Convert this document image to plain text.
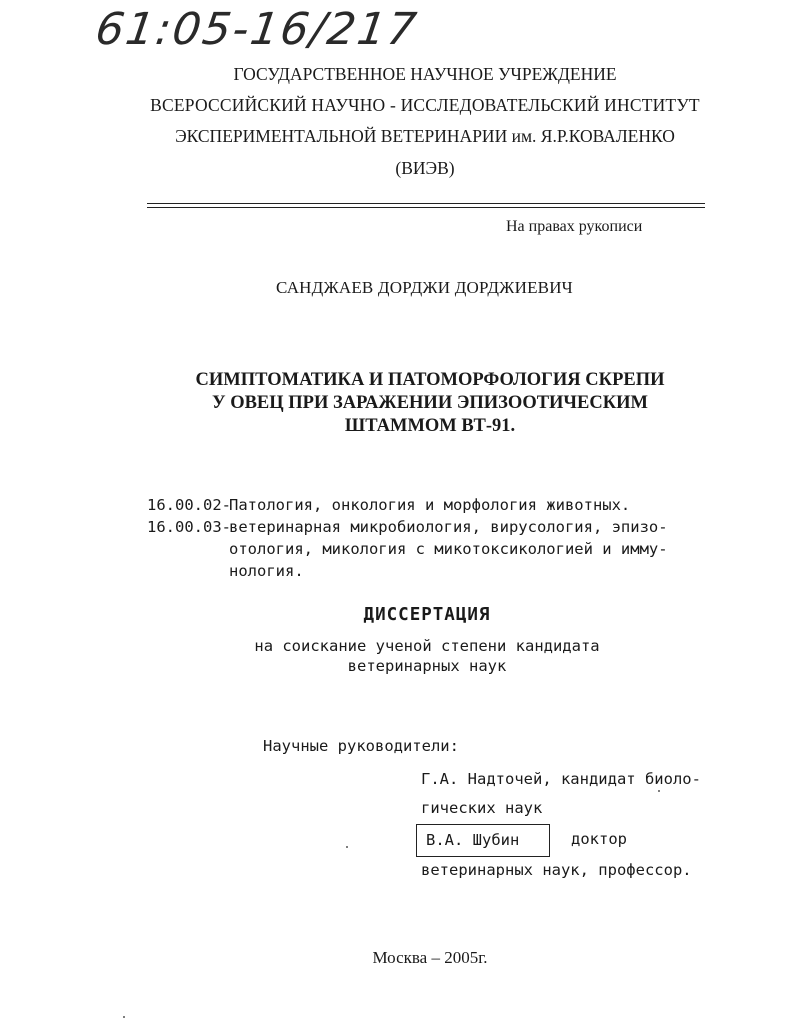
61:05-16/217
ГОСУДАРСТВЕННОЕ НАУЧНОЕ УЧРЕЖДЕНИЕ
ВСЕРОССИЙСКИЙ НАУЧНО - ИССЛЕДОВАТЕЛЬСКИЙ ИНСТИТУТ
ЭКСПЕРИМЕНТАЛЬНОЙ ВЕТЕРИНАРИИ им. Я.Р.КОВАЛЕНКО
(ВИЭВ)
На правах рукописи
САНДЖАЕВ ДОРДЖИ ДОРДЖИЕВИЧ
СИМПТОМАТИКА И ПАТОМОРФОЛОГИЯ СКРЕПИ
У ОВЕЦ ПРИ ЗАРАЖЕНИИ ЭПИЗООТИЧЕСКИМ
ШТАММОМ ВТ-91.
16.00.02-
Патология, онкология и морфология животных.
16.00.03-
ветеринарная микробиология, вирусология, эпизо-
отология, микология с микотоксикологией и имму-
нология.
ДИССЕРТАЦИЯ
на соискание ученой степени кандидата
ветеринарных наук
Научные руководители:
Г.А. Надточей, кандидат биоло-
гических наук
В.А. Шубин	доктор
ветеринарных наук, профессор.
Москва – 2005г.
